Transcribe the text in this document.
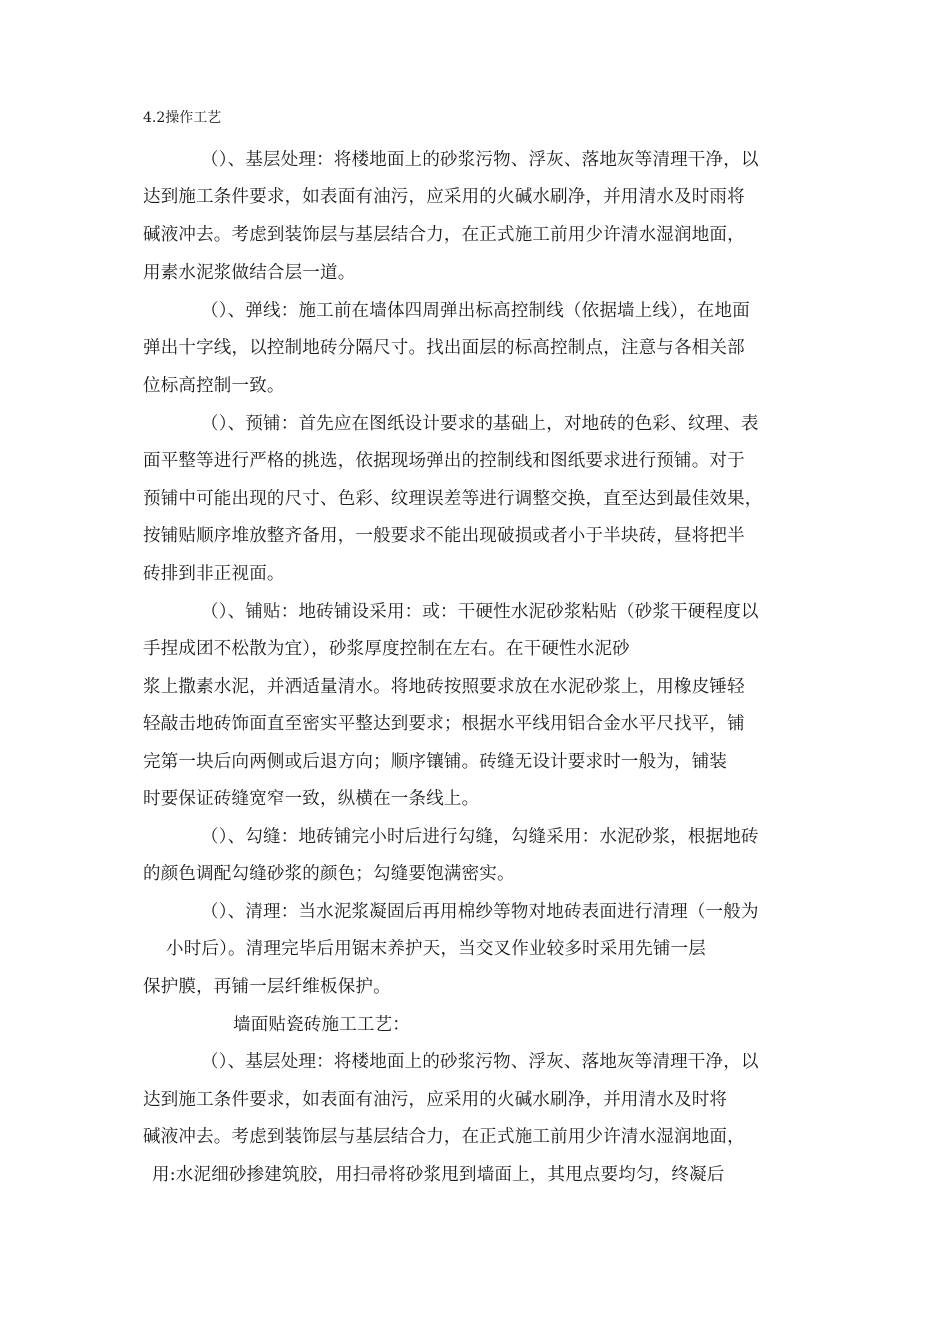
4.2操作工艺
（）、基层处理：将楼地面上的砂浆污物、浮灰、落地灰等清理干净，以
达到施工条件要求，如表面有油污，应采用的火碱水刷净，并用清水及时雨将
碱液冲去。考虑到装饰层与基层结合力，在正式施工前用少许清水湿润地面，
用素水泥浆做结合层一道。
（）、弹线：施工前在墙体四周弹出标高控制线（依据墙上线），在地面
弹出十字线，以控制地砖分隔尺寸。找出面层的标高控制点，注意与各相关部
位标高控制一致。
（）、预铺：首先应在图纸设计要求的基础上，对地砖的色彩、纹理、表
面平整等进行严格的挑选，依据现场弹出的控制线和图纸要求进行预铺。对于
预铺中可能出现的尺寸、色彩、纹理误差等进行调整交换，直至达到最佳效果，
按铺贴顺序堆放整齐备用，一般要求不能出现破损或者小于半块砖，昼将把半
砖排到非正视面。
（）、铺贴：地砖铺设采用：或：干硬性水泥砂浆粘贴（砂浆干硬程度以
手捏成团不松散为宜），砂浆厚度控制在左右。在干硬性水泥砂
浆上撒素水泥，并洒适量清水。将地砖按照要求放在水泥砂浆上，用橡皮锤轻
轻敲击地砖饰面直至密实平整达到要求；根据水平线用铝合金水平尺找平，铺
完第一块后向两侧或后退方向；顺序镶铺。砖缝无设计要求时一般为，铺装
时要保证砖缝宽窄一致，纵横在一条线上。
（）、勾缝：地砖铺完小时后进行勾缝，勾缝采用：水泥砂浆，根据地砖
的颜色调配勾缝砂浆的颜色；勾缝要饱满密实。
（）、清理：当水泥浆凝固后再用棉纱等物对地砖表面进行清理（一般为
小时后）。清理完毕后用锯末养护天，当交叉作业较多时采用先铺一层
保护膜，再铺一层纤维板保护。
墙面贴瓷砖施工工艺：
（）、基层处理：将楼地面上的砂浆污物、浮灰、落地灰等清理干净，以
达到施工条件要求，如表面有油污，应采用的火碱水刷净，并用清水及时将
碱液冲去。考虑到装饰层与基层结合力，在正式施工前用少许清水湿润地面，
用:水泥细砂掺建筑胶，用扫帚将砂浆甩到墙面上，其甩点要均匀，终凝后
